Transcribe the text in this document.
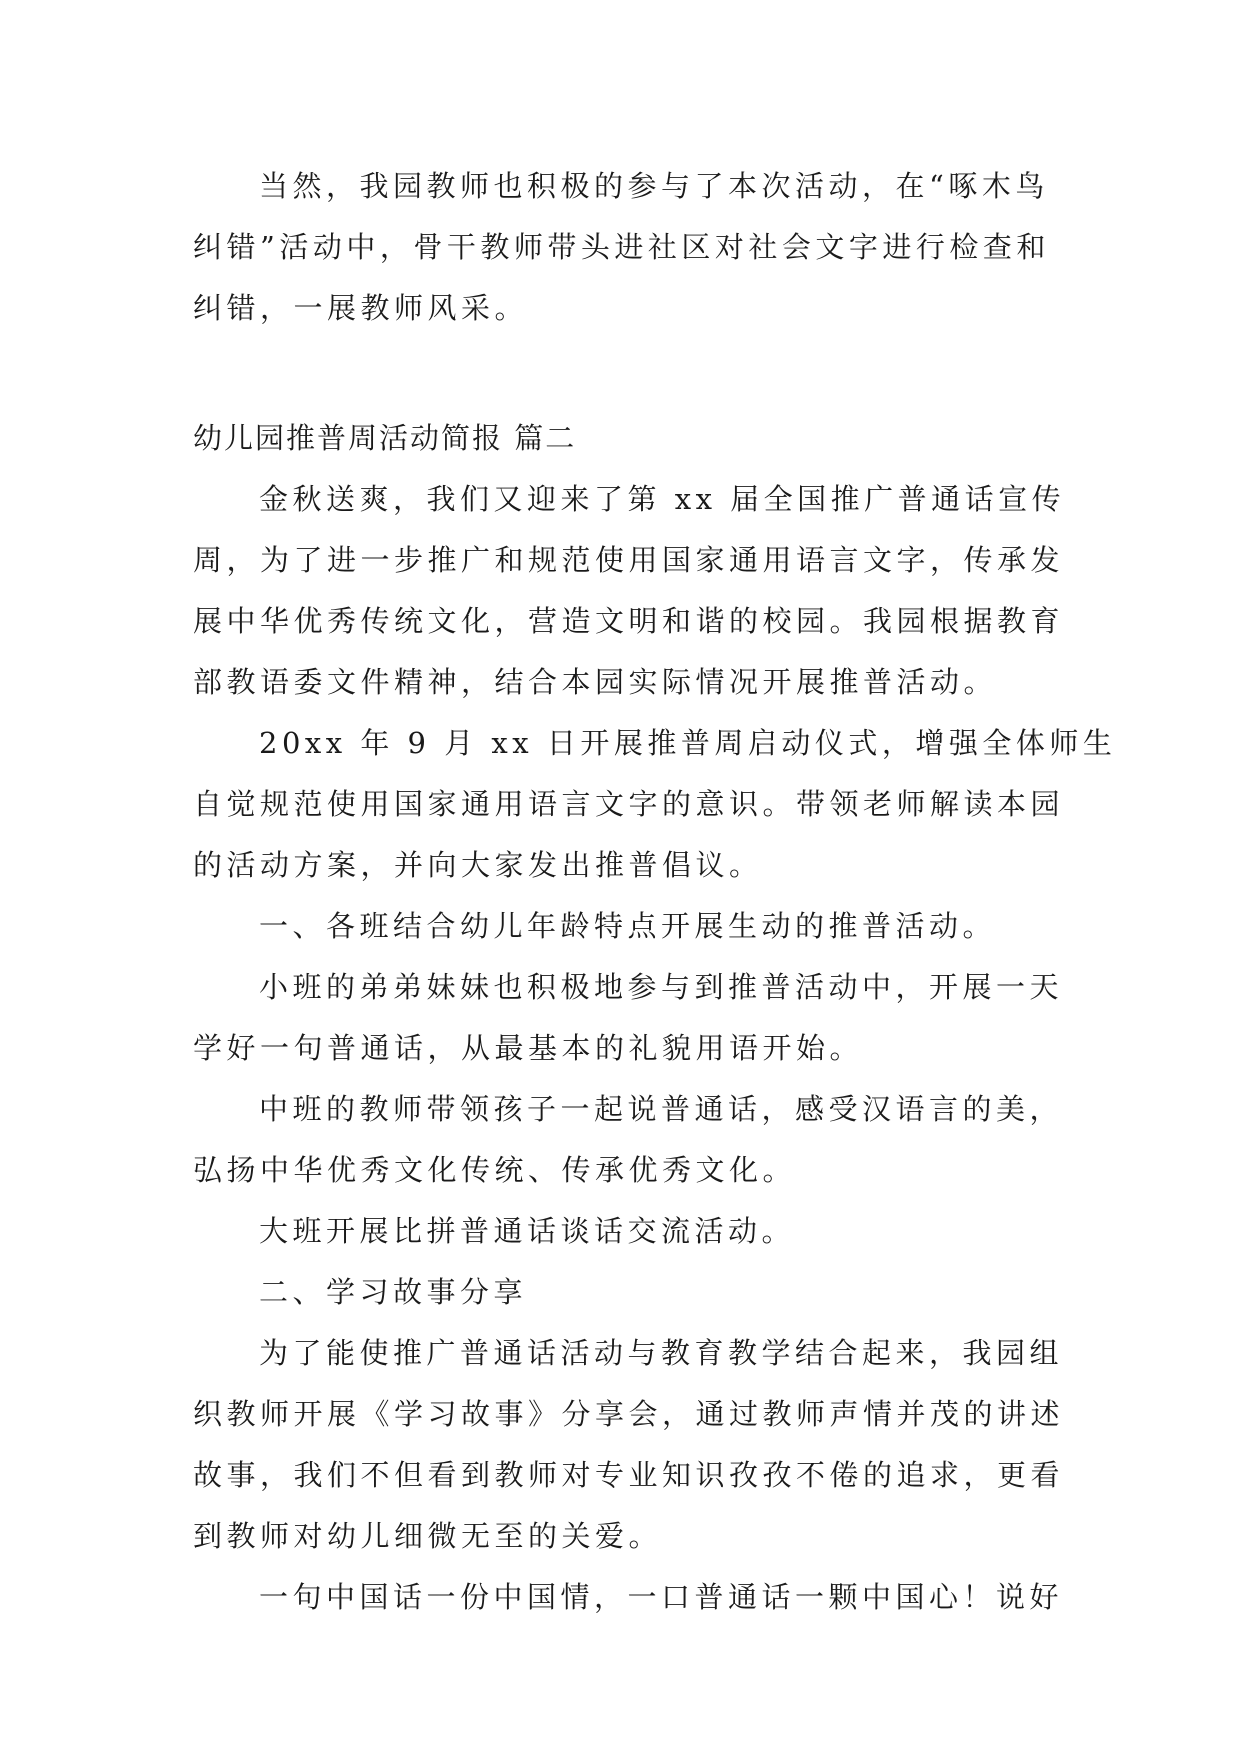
当然，我园教师也积极的参与了本次活动，在“啄木鸟

纠错”活动中，骨干教师带头进社区对社会文字进行检查和

纠错，一展教师风采。

幼儿园推普周活动简报 篇二

金秋送爽，我们又迎来了第 xx 届全国推广普通话宣传

周，为了进一步推广和规范使用国家通用语言文字，传承发

展中华优秀传统文化，营造文明和谐的校园。我园根据教育

部教语委文件精神，结合本园实际情况开展推普活动。

20xx 年 9 月 xx 日开展推普周启动仪式，增强全体师生

自觉规范使用国家通用语言文字的意识。带领老师解读本园

的活动方案，并向大家发出推普倡议。

一、各班结合幼儿年龄特点开展生动的推普活动。

小班的弟弟妹妹也积极地参与到推普活动中，开展一天

学好一句普通话，从最基本的礼貌用语开始。

中班的教师带领孩子一起说普通话，感受汉语言的美，

弘扬中华优秀文化传统、传承优秀文化。

大班开展比拼普通话谈话交流活动。

二、学习故事分享

为了能使推广普通话活动与教育教学结合起来，我园组

织教师开展《学习故事》分享会，通过教师声情并茂的讲述

故事，我们不但看到教师对专业知识孜孜不倦的追求，更看

到教师对幼儿细微无至的关爱。

一句中国话一份中国情，一口普通话一颗中国心！说好
